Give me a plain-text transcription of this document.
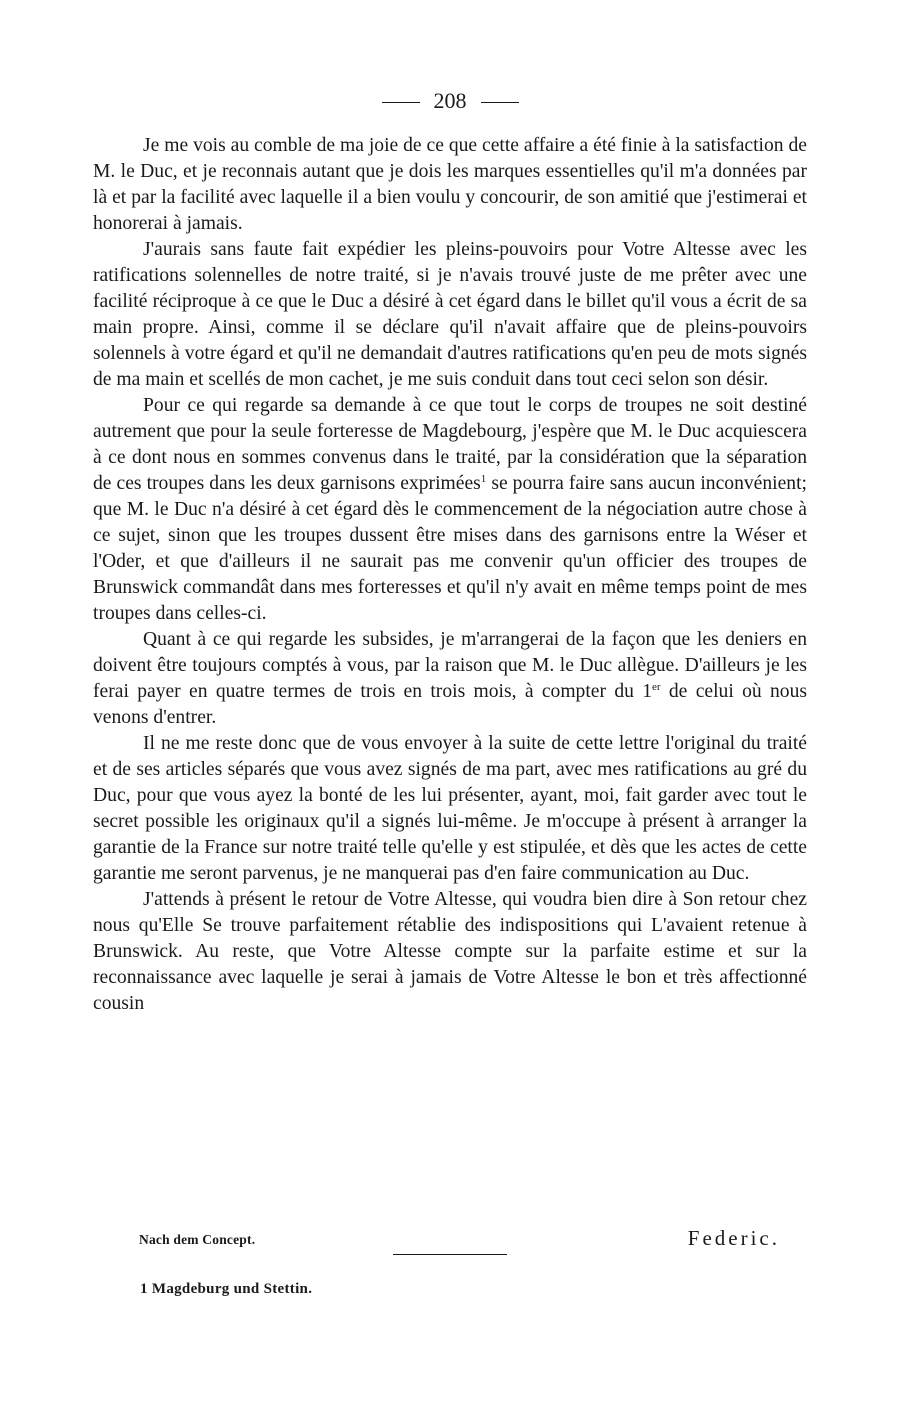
208

Je me vois au comble de ma joie de ce que cette affaire a été finie à la satisfaction de M. le Duc, et je reconnais autant que je dois les marques essentielles qu'il m'a données par là et par la facilité avec laquelle il a bien voulu y concourir, de son amitié que j'estimerai et honorerai à jamais.

J'aurais sans faute fait expédier les pleins-pouvoirs pour Votre Altesse avec les ratifications solennelles de notre traité, si je n'avais trouvé juste de me prêter avec une facilité réciproque à ce que le Duc a désiré à cet égard dans le billet qu'il vous a écrit de sa main propre. Ainsi, comme il se déclare qu'il n'avait affaire que de pleins-pouvoirs solennels à votre égard et qu'il ne demandait d'autres ratifications qu'en peu de mots signés de ma main et scellés de mon cachet, je me suis conduit dans tout ceci selon son désir.

Pour ce qui regarde sa demande à ce que tout le corps de troupes ne soit destiné autrement que pour la seule forteresse de Magdebourg, j'espère que M. le Duc acquiescera à ce dont nous en sommes convenus dans le traité, par la considération que la séparation de ces troupes dans les deux garnisons exprimées$^1$ se pourra faire sans aucun inconvénient; que M. le Duc n'a désiré à cet égard dès le commencement de la négociation autre chose à ce sujet, sinon que les troupes dussent être mises dans des garnisons entre la Wéser et l'Oder, et que d'ailleurs il ne saurait pas me convenir qu'un officier des troupes de Brunswick commandât dans mes forteresses et qu'il n'y avait en même temps point de mes troupes dans celles-ci.

Quant à ce qui regarde les subsides, je m'arrangerai de la façon que les deniers en doivent être toujours comptés à vous, par la raison que M. le Duc allègue. D'ailleurs je les ferai payer en quatre termes de trois en trois mois, à compter du 1er de celui où nous venons d'entrer.

Il ne me reste donc que de vous envoyer à la suite de cette lettre l'original du traité et de ses articles séparés que vous avez signés de ma part, avec mes ratifications au gré du Duc, pour que vous ayez la bonté de les lui présenter, ayant, moi, fait garder avec tout le secret possible les originaux qu'il a signés lui-même. Je m'occupe à présent à arranger la garantie de la France sur notre traité telle qu'elle y est stipulée, et dès que les actes de cette garantie me seront parvenus, je ne manquerai pas d'en faire communication au Duc.

J'attends à présent le retour de Votre Altesse, qui voudra bien dire à Son retour chez nous qu'Elle Se trouve parfaitement rétablie des indispositions qui L'avaient retenue à Brunswick. Au reste, que Votre Altesse compte sur la parfaite estime et sur la reconnaissance avec laquelle je serai à jamais de Votre Altesse le bon et très affectionné cousin

Nach dem Concept.	Federic.
1 Magdeburg und Stettin.
